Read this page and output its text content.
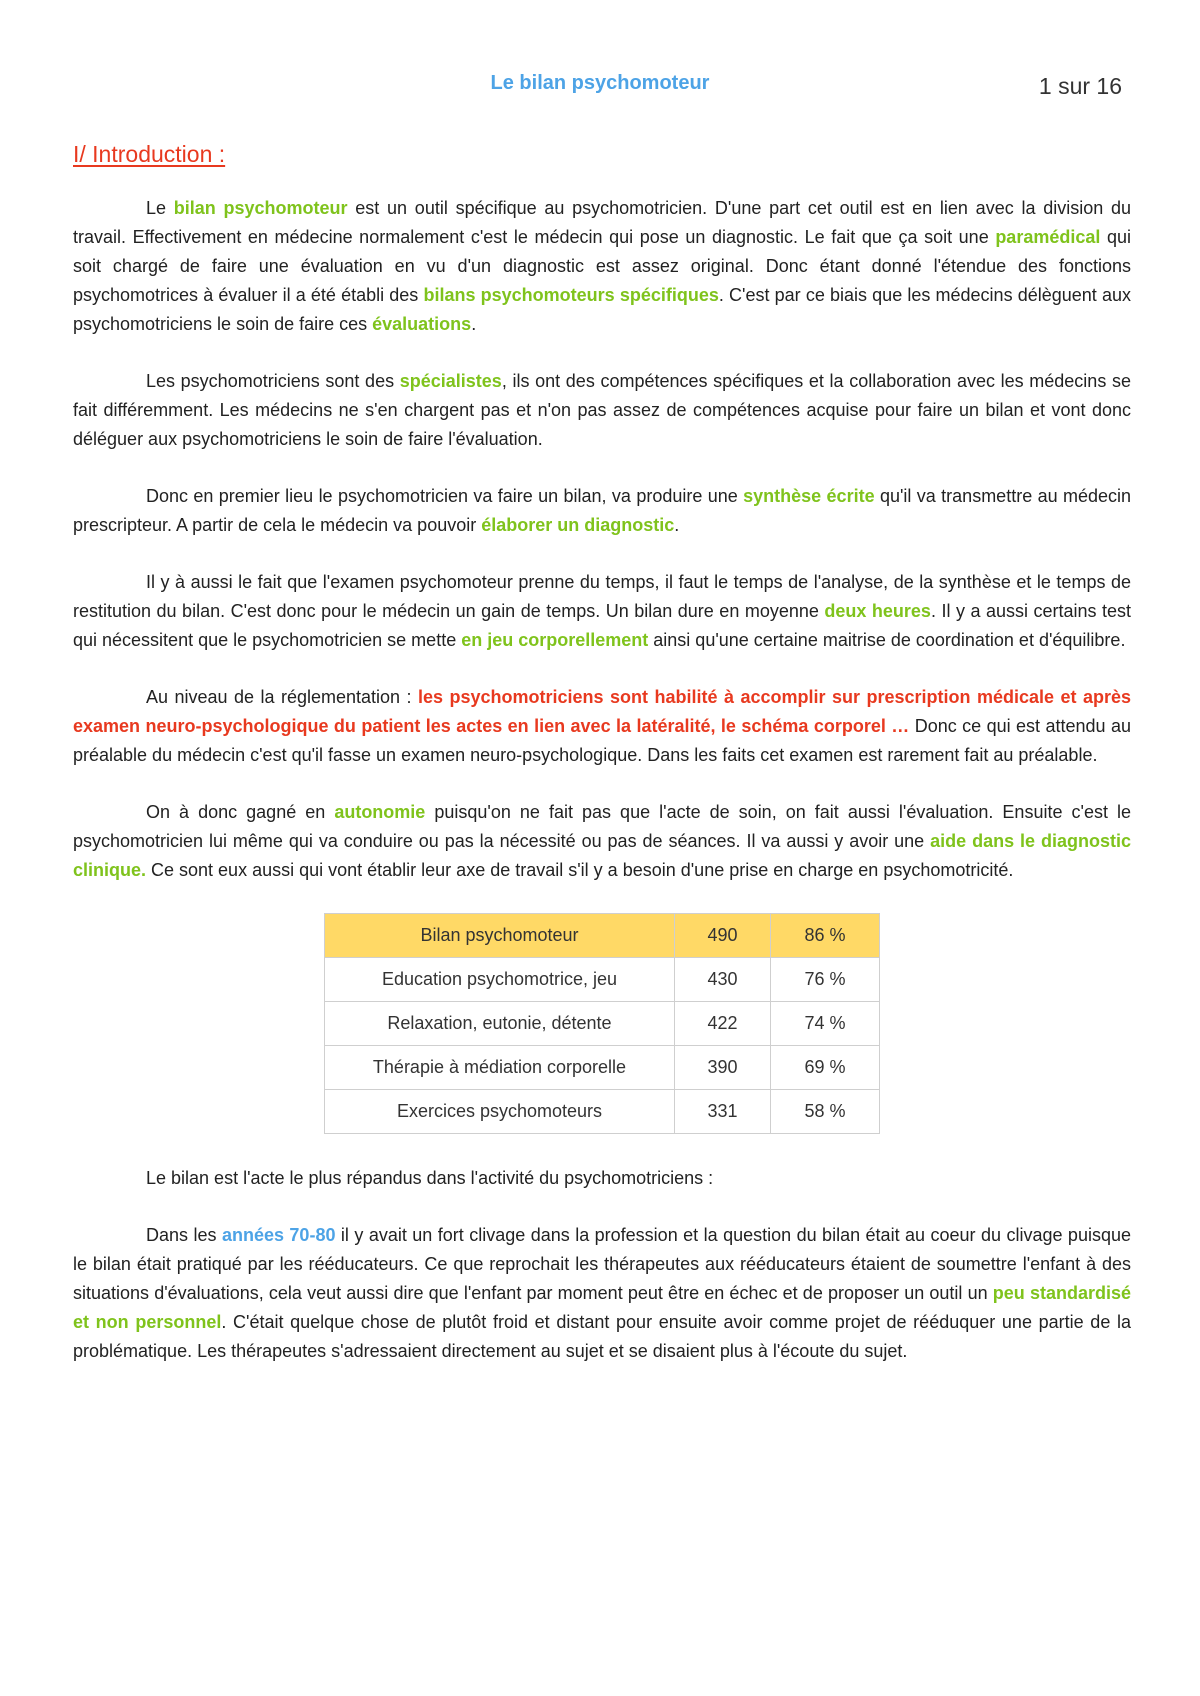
Le bilan psychomoteur	1 sur 16
I/ Introduction :

Le bilan psychomoteur est un outil spécifique au psychomotricien. D'une part cet outil est en lien avec la division du travail. Effectivement en médecine normalement c'est le médecin qui pose un diagnostic. Le fait que ça soit une paramédical qui soit chargé de faire une évaluation en vu d'un diagnostic est assez original. Donc étant donné l'étendue des fonctions psychomotrices à évaluer il a été établi des bilans psychomoteurs spécifiques. C'est par ce biais que les médecins délèguent aux psychomotriciens le soin de faire ces évaluations.

Les psychomotriciens sont des spécialistes, ils ont des compétences spécifiques et la collaboration avec les médecins se fait différemment. Les médecins ne s'en chargent pas et n'on pas assez de compétences acquise pour faire un bilan et vont donc déléguer aux psychomotriciens le soin de faire l'évaluation.

Donc en premier lieu le psychomotricien va faire un bilan, va produire une synthèse écrite qu'il va transmettre au médecin prescripteur. A partir de cela le médecin va pouvoir élaborer un diagnostic.

Il y à aussi le fait que l'examen psychomoteur prenne du temps, il faut le temps de l'analyse, de la synthèse et le temps de restitution du bilan. C'est donc pour le médecin un gain de temps. Un bilan dure en moyenne deux heures. Il y a aussi certains test qui nécessitent que le psychomotricien se mette en jeu corporellement ainsi qu'une certaine maitrise de coordination et d'équilibre.

Au niveau de la réglementation : les psychomotriciens sont habilité à accomplir sur prescription médicale et après examen neuro-psychologique du patient les actes en lien avec la latéralité, le schéma corporel … Donc ce qui est attendu au préalable du médecin c'est qu'il fasse un examen neuro-psychologique. Dans les faits cet examen est rarement fait au préalable.

On à donc gagné en autonomie puisqu'on ne fait pas que l'acte de soin, on fait aussi l'évaluation. Ensuite c'est le psychomotricien lui même qui va conduire ou pas la nécessité ou pas de séances. Il va aussi y avoir une aide dans le diagnostic clinique. Ce sont eux aussi qui vont établir leur axe de travail s'il y a besoin d'une prise en charge en psychomotricité.

Bilan psychomoteur	490	86 %
Education psychomotrice, jeu	430	76 %
Relaxation, eutonie, détente	422	74 %
Thérapie à médiation corporelle	390	69 %
Exercices psychomoteurs	331	58 %

Le bilan est l'acte le plus répandus dans l'activité du psychomotriciens :

Dans les années 70-80 il y avait un fort clivage dans la profession et la question du bilan était au coeur du clivage puisque le bilan était pratiqué par les rééducateurs. Ce que reprochait les thérapeutes aux rééducateurs étaient de soumettre l'enfant à des situations d'évaluations, cela veut aussi dire que l'enfant par moment peut être en échec et de proposer un outil un peu standardisé et non personnel. C'était quelque chose de plutôt froid et distant pour ensuite avoir comme projet de rééduquer une partie de la problématique. Les thérapeutes s'adressaient directement au sujet et se disaient plus à l'écoute du sujet.
